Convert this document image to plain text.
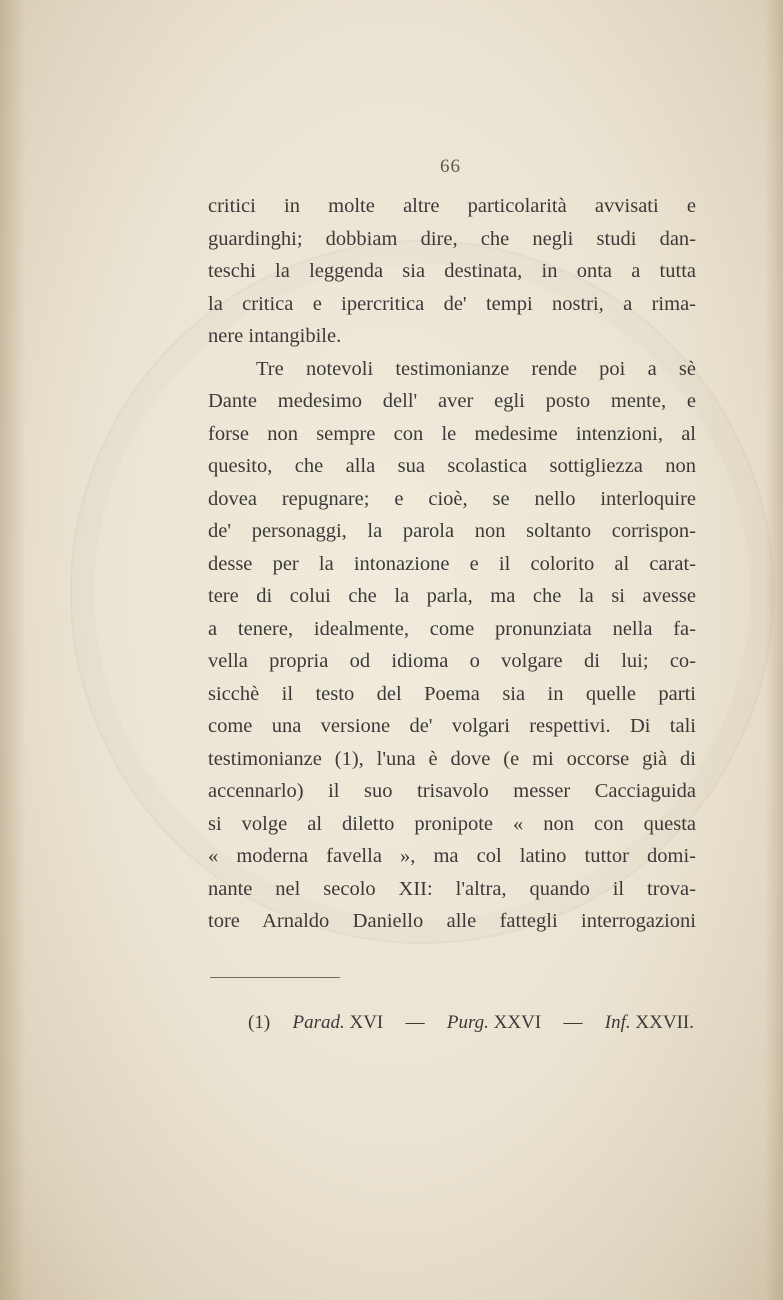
66
critici in molte altre particolarità avvisati e
guardinghi; dobbiam dire, che negli studi dan-
teschi la leggenda sia destinata, in onta a tutta
la critica e ipercritica de' tempi nostri, a rima-
nere intangibile.
Tre notevoli testimonianze rende poi a sè
Dante medesimo dell' aver egli posto mente, e
forse non sempre con le medesime intenzioni, al
quesito, che alla sua scolastica sottigliezza non
dovea repugnare; e cioè, se nello interloquire
de' personaggi, la parola non soltanto corrispon-
desse per la intonazione e il colorito al carat-
tere di colui che la parla, ma che la si avesse
a tenere, idealmente, come pronunziata nella fa-
vella propria od idioma o volgare di lui; co-
sicchè il testo del Poema sia in quelle parti
come una versione de' volgari respettivi. Di tali
testimonianze (1), l'una è dove (e mi occorse già di
accennarlo) il suo trisavolo messer Cacciaguida
si volge al diletto pronipote « non con questa
« moderna favella », ma col latino tuttor domi-
nante nel secolo XII: l'altra, quando il trova-
tore Arnaldo Daniello alle fattegli interrogazioni
(1) Parad. XVI — Purg. XXVI — Inf. XXVII.
